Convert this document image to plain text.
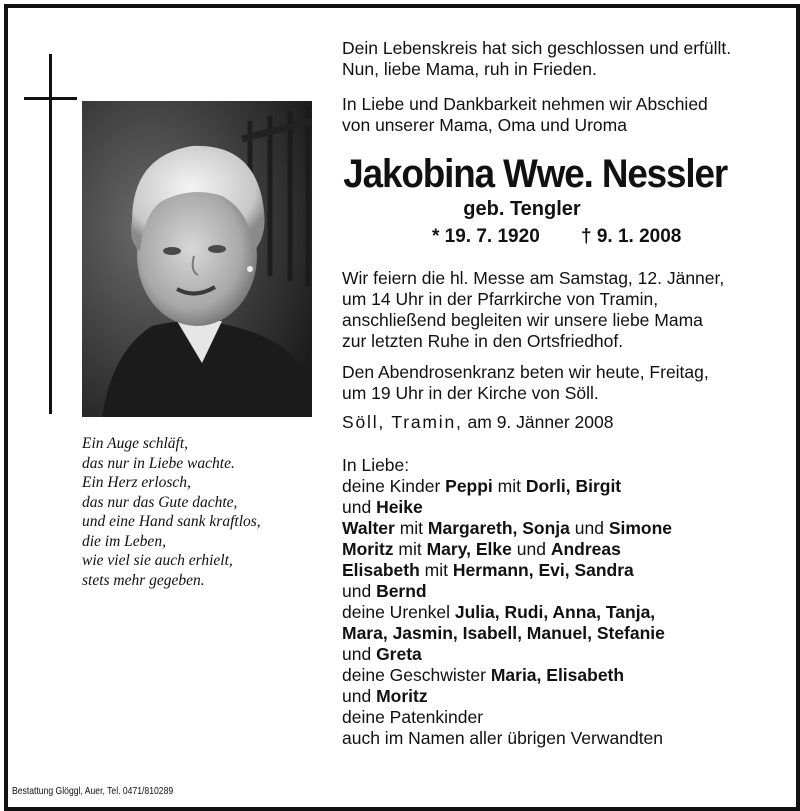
Ein Auge schläft,
das nur in Liebe wachte.
Ein Herz erlosch,
das nur das Gute dachte,
und eine Hand sank kraftlos,
die im Leben,
wie viel sie auch erhielt,
stets mehr gegeben.
Dein Lebenskreis hat sich geschlossen und erfüllt.
Nun, liebe Mama, ruh in Frieden.
In Liebe und Dankbarkeit nehmen wir Abschied
von unserer Mama, Oma und Uroma
Jakobina Wwe. Nessler
geb. Tengler
* 19. 7. 1920 † 9. 1. 2008
Wir feiern die hl. Messe am Samstag, 12. Jänner,
um 14 Uhr in der Pfarrkirche von Tramin,
anschließend begleiten wir unsere liebe Mama
zur letzten Ruhe in den Ortsfriedhof.
Den Abendrosenkranz beten wir heute, Freitag,
um 19 Uhr in der Kirche von Söll.
Söll, Tramin, am 9. Jänner 2008
In Liebe:
deine Kinder Peppi mit Dorli, Birgit
und Heike
Walter mit Margareth, Sonja und Simone
Moritz mit Mary, Elke und Andreas
Elisabeth mit Hermann, Evi, Sandra
und Bernd
deine Urenkel Julia, Rudi, Anna, Tanja,
Mara, Jasmin, Isabell, Manuel, Stefanie
und Greta
deine Geschwister Maria, Elisabeth
und Moritz
deine Patenkinder
auch im Namen aller übrigen Verwandten
Bestattung Glöggl, Auer, Tel. 0471/810289
